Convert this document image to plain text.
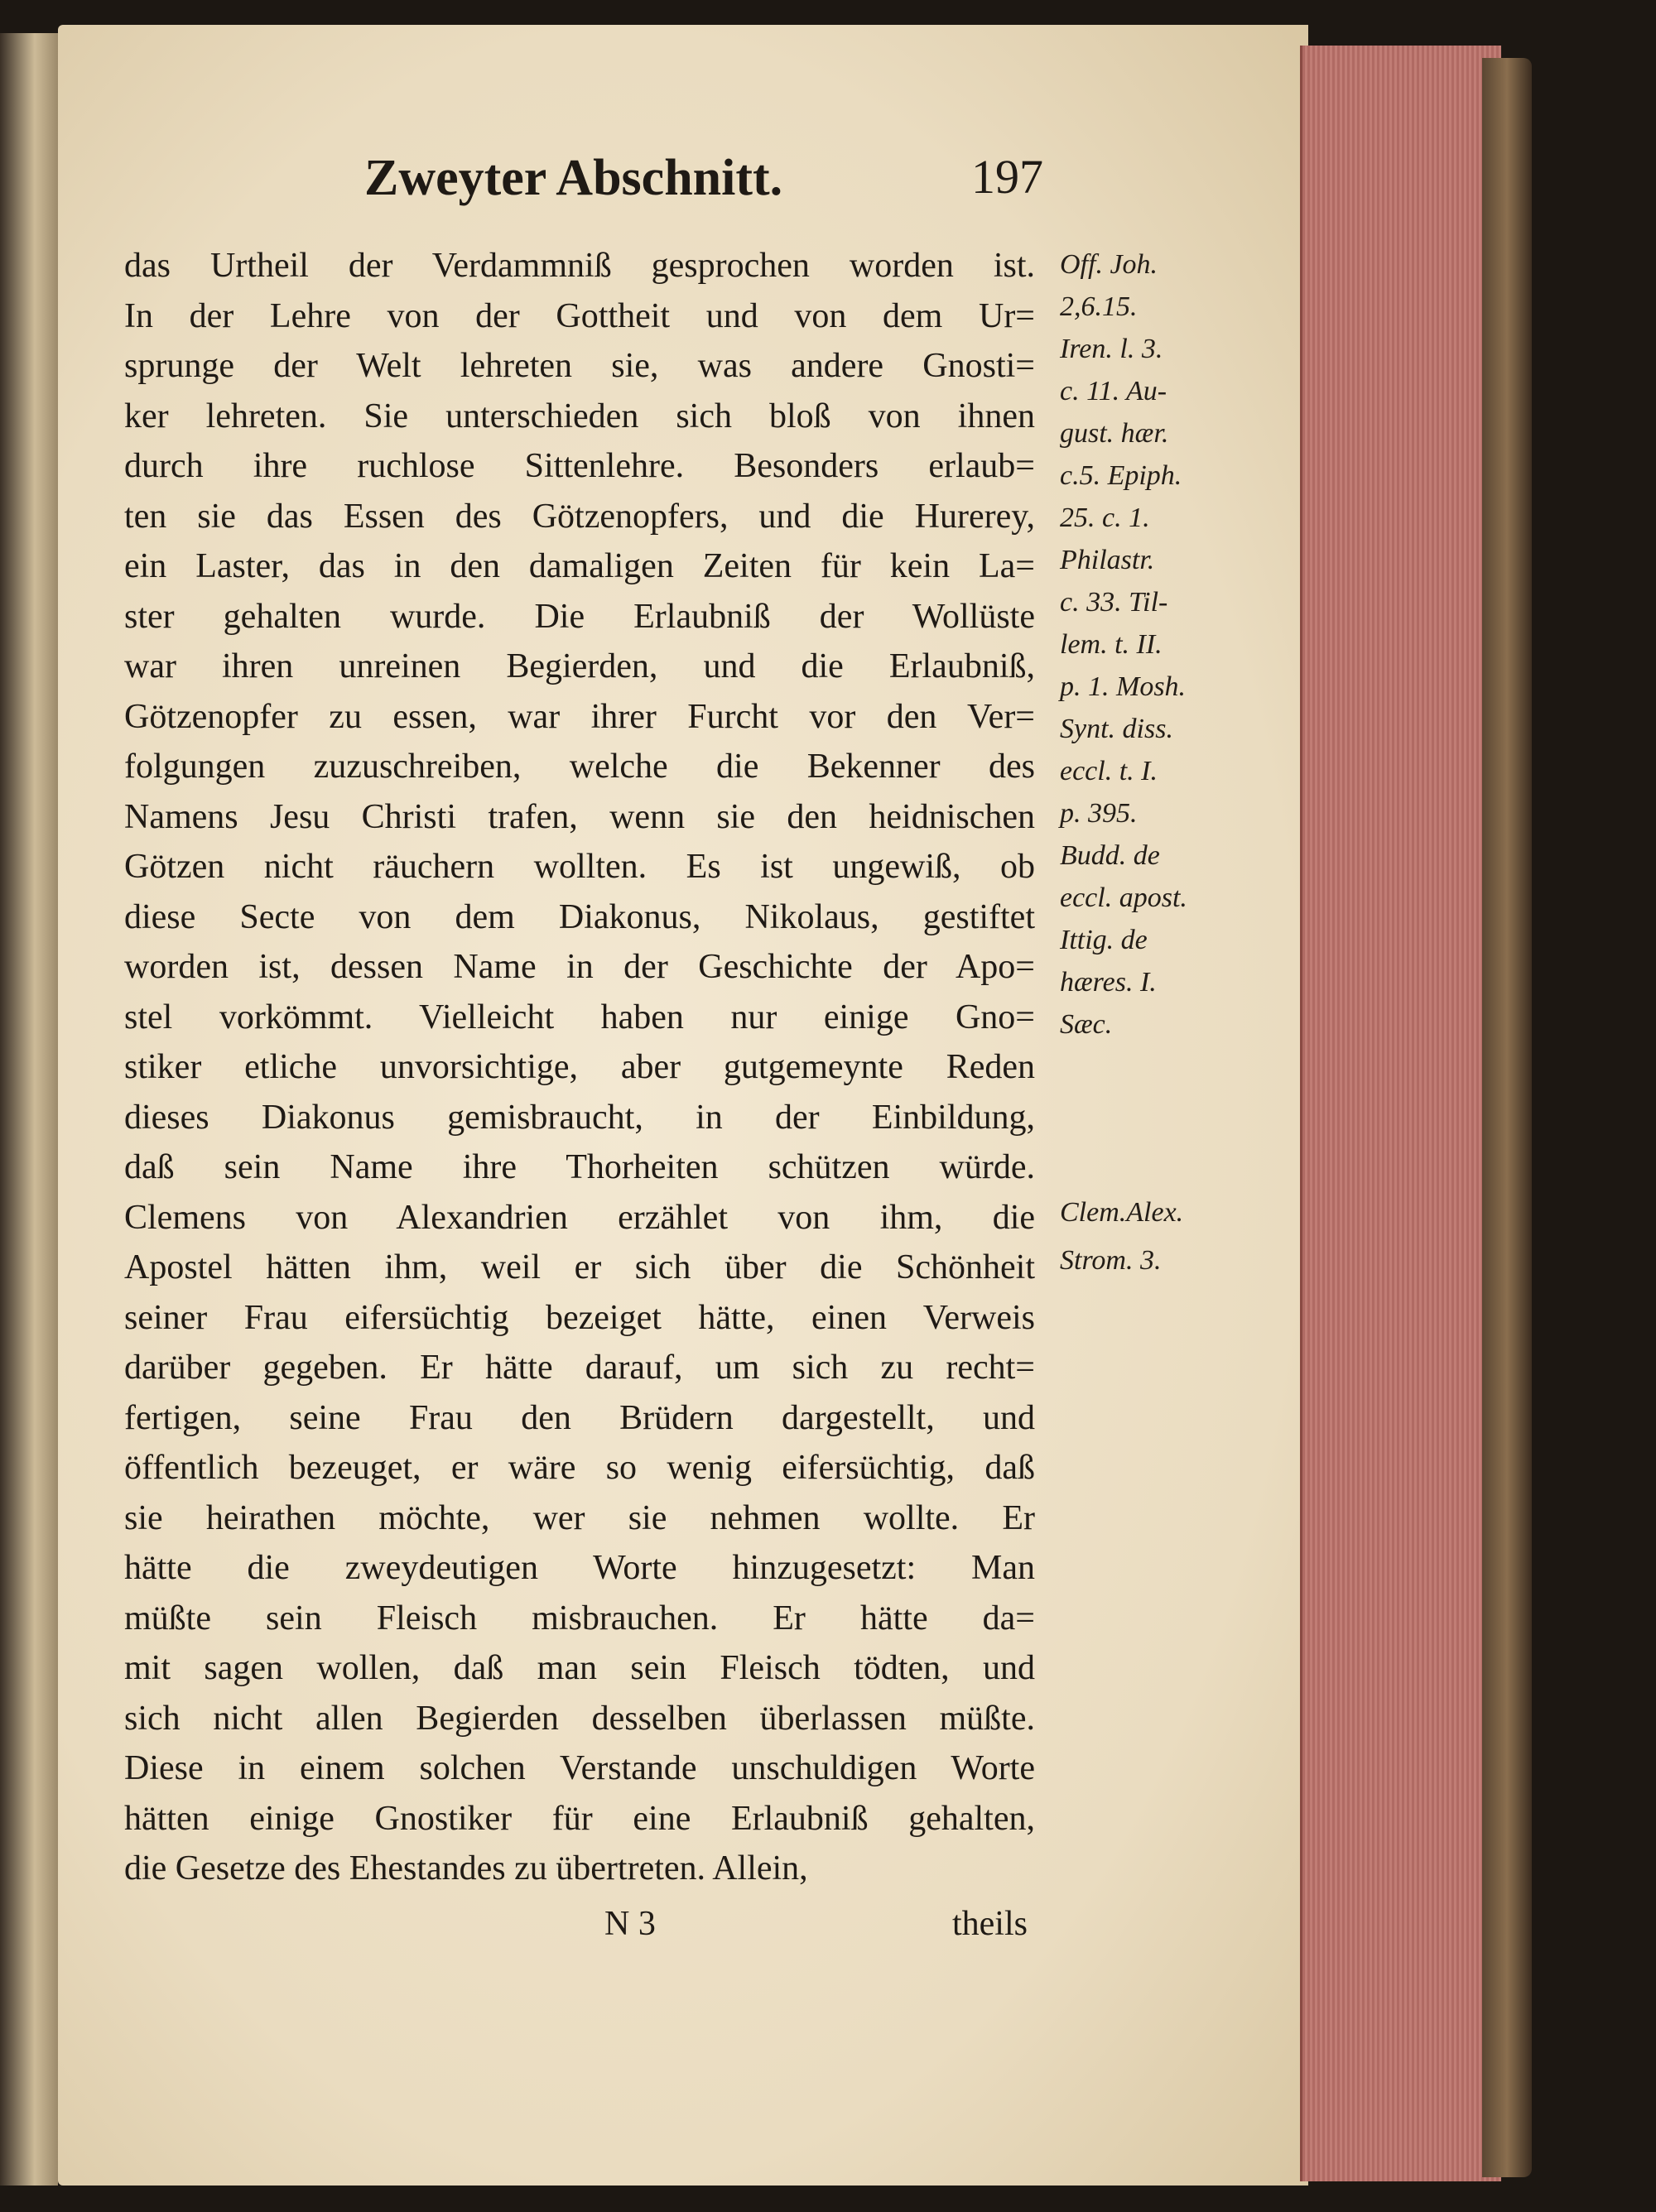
Zweyter Abschnitt.	197
das Urtheil der Verdammniß gesprochen worden ist.
In der Lehre von der Gottheit und von dem Ur=
sprunge der Welt lehreten sie, was andere Gnosti=
ker lehreten. Sie unterschieden sich bloß von ihnen
durch ihre ruchlose Sittenlehre. Besonders erlaub=
ten sie das Essen des Götzenopfers, und die Hurerey,
ein Laster, das in den damaligen Zeiten für kein La=
ster gehalten wurde. Die Erlaubniß der Wollüste
war ihren unreinen Begierden, und die Erlaubniß,
Götzenopfer zu essen, war ihrer Furcht vor den Ver=
folgungen zuzuschreiben, welche die Bekenner des
Namens Jesu Christi trafen, wenn sie den heidnischen
Götzen nicht räuchern wollten. Es ist ungewiß, ob
diese Secte von dem Diakonus, Nikolaus, gestiftet
worden ist, dessen Name in der Geschichte der Apo=
stel vorkömmt. Vielleicht haben nur einige Gno=
stiker etliche unvorsichtige, aber gutgemeynte Reden
dieses Diakonus gemisbraucht, in der Einbildung,
daß sein Name ihre Thorheiten schützen würde.
Clemens von Alexandrien erzählet von ihm, die
Apostel hätten ihm, weil er sich über die Schönheit
seiner Frau eifersüchtig bezeiget hätte, einen Verweis
darüber gegeben. Er hätte darauf, um sich zu recht=
fertigen, seine Frau den Brüdern dargestellt, und
öffentlich bezeuget, er wäre so wenig eifersüchtig, daß
sie heirathen möchte, wer sie nehmen wollte. Er
hätte die zweydeutigen Worte hinzugesetzt: Man
müßte sein Fleisch misbrauchen. Er hätte da=
mit sagen wollen, daß man sein Fleisch tödten, und
sich nicht allen Begierden desselben überlassen müßte.
Diese in einem solchen Verstande unschuldigen Worte
hätten einige Gnostiker für eine Erlaubniß gehalten,
die Gesetze des Ehestandes zu übertreten. Allein,
Off. Joh.
2,6.15.
Iren. l. 3.
c. 11. Au-
gust. hær.
c.5. Epiph.
25. c. 1.
Philastr.
c. 33. Til-
lem. t. II.
p. 1. Mosh.
Synt. diss.
eccl. t. I.
p. 395.
Budd. de
eccl. apost.
Ittig. de
hæres. I.
Sæc.
Clem.Alex.
Strom. 3.
N 3	theils
